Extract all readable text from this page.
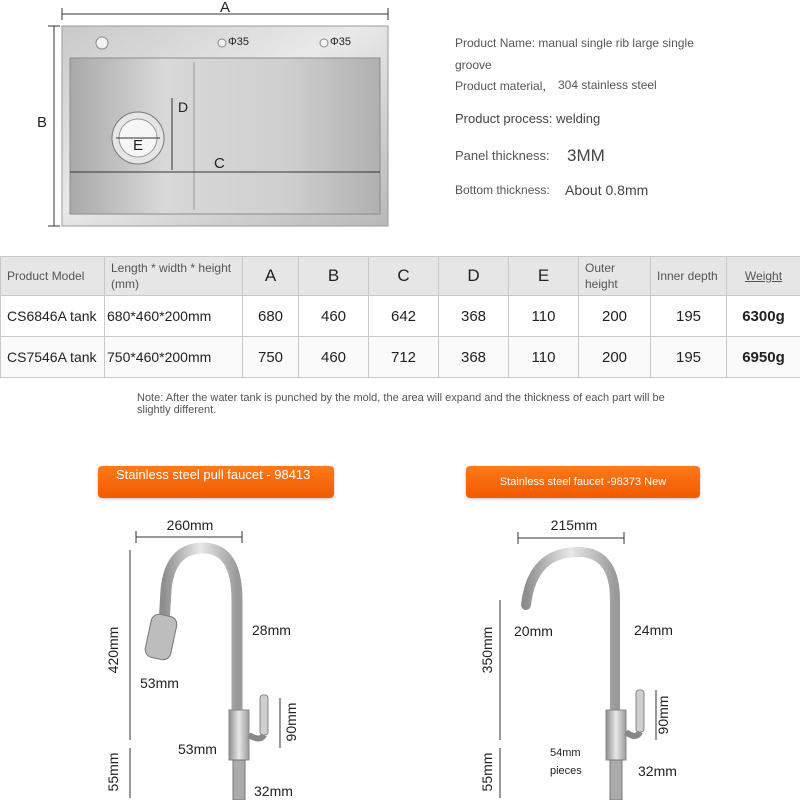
A
B
Φ35	Φ35
E
D
C
Product Name: manual single rib large single groove
Product material， 304 stainless steel
Product process: welding
Panel thickness: 3MM
Bottom thickness: About 0.8mm
Product Model	Length * width * height (mm)	A	B	C	D	E	Outer height	Inner depth	Weight
CS6846A tank	680*460*200mm	680	460	642	368	110	200	195	6300g
CS7546A tank	750*460*200mm	750	460	712	368	110	200	195	6950g
Note: After the water tank is punched by the mold, the area will expand and the thickness of each part will be slightly different.
Stainless steel pull faucet - 98413	Stainless steel faucet -98373 New
260mm
420mm
55mm
28mm
53mm
53mm
90mm
32mm
215mm
350mm
55mm
20mm	24mm
90mm
54mm
pieces	32mm
